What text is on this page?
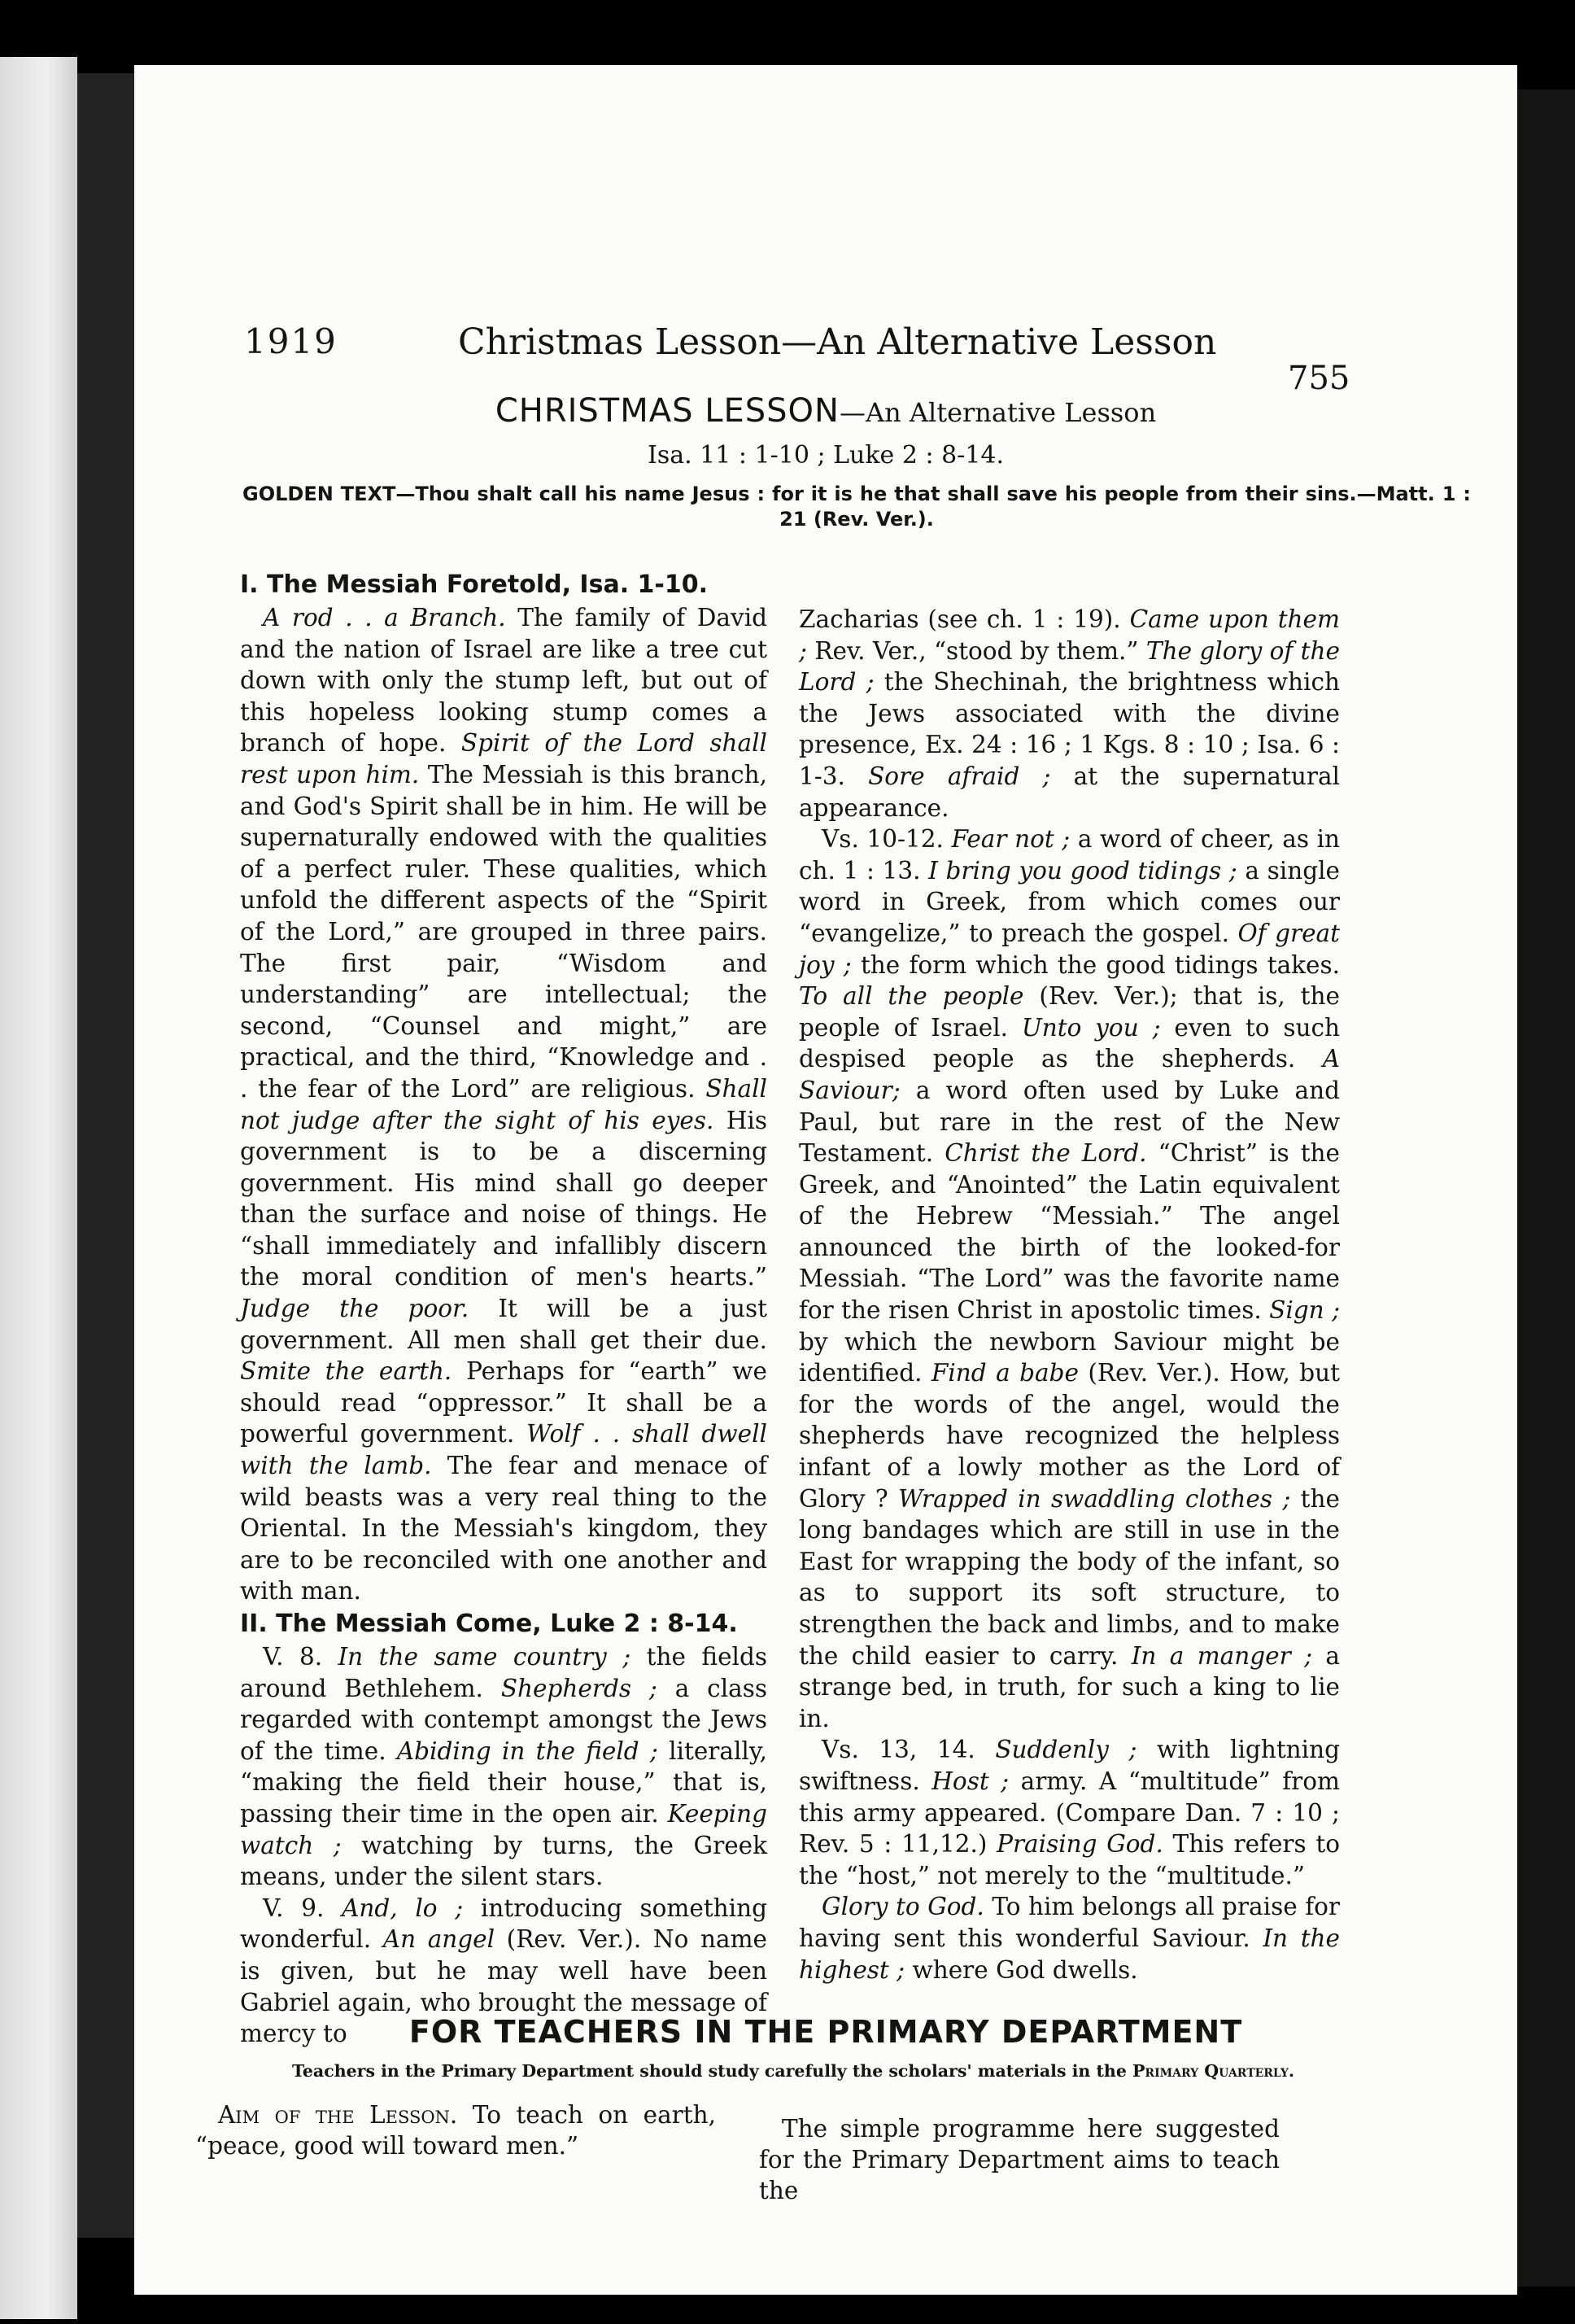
1919	Christmas Lesson—An Alternative Lesson
755
CHRISTMAS LESSON—An Alternative Lesson
Isa. 11 : 1-10 ; Luke 2 : 8-14.
GOLDEN TEXT—Thou shalt call his name Jesus : for it is he that shall save his people from their sins.—Matt. 1 : 21 (Rev. Ver.).
I. The Messiah Foretold, Isa. 1-10.

A rod . . a Branch. The family of David and the nation of Israel are like a tree cut down with only the stump left, but out of this hopeless looking stump comes a branch of hope. Spirit of the Lord shall rest upon him. The Messiah is this branch, and God's Spirit shall be in him. He will be supernaturally endowed with the qualities of a perfect ruler. These qualities, which unfold the different aspects of the “Spirit of the Lord,” are grouped in three pairs. The first pair, “Wisdom and understanding” are intellectual; the second, “Counsel and might,” are practical, and the third, “Knowledge and . . the fear of the Lord” are religious. Shall not judge after the sight of his eyes. His government is to be a discerning government. His mind shall go deeper than the surface and noise of things. He “shall immediately and infallibly discern the moral condition of men's hearts.” Judge the poor. It will be a just government. All men shall get their due. Smite the earth. Perhaps for “earth” we should read “oppressor.” It shall be a powerful government. Wolf . . shall dwell with the lamb. The fear and menace of wild beasts was a very real thing to the Oriental. In the Messiah's kingdom, they are to be reconciled with one another and with man.

II. The Messiah Come, Luke 2 : 8-14.

V. 8. In the same country ; the fields around Bethlehem. Shepherds ; a class regarded with contempt amongst the Jews of the time. Abiding in the field ; literally, “making the field their house,” that is, passing their time in the open air. Keeping watch ; watching by turns, the Greek means, under the silent stars.

V. 9. And, lo ; introducing something wonderful. An angel (Rev. Ver.). No name is given, but he may well have been Gabriel again, who brought the message of mercy to

Zacharias (see ch. 1 : 19). Came upon them ; Rev. Ver., “stood by them.” The glory of the Lord ; the Shechinah, the brightness which the Jews associated with the divine presence, Ex. 24 : 16 ; 1 Kgs. 8 : 10 ; Isa. 6 : 1-3. Sore afraid ; at the supernatural appearance.

Vs. 10-12. Fear not ; a word of cheer, as in ch. 1 : 13. I bring you good tidings ; a single word in Greek, from which comes our “evangelize,” to preach the gospel. Of great joy ; the form which the good tidings takes. To all the people (Rev. Ver.); that is, the people of Israel. Unto you ; even to such despised people as the shepherds. A Saviour; a word often used by Luke and Paul, but rare in the rest of the New Testament. Christ the Lord. “Christ” is the Greek, and “Anointed” the Latin equivalent of the Hebrew “Messiah.” The angel announced the birth of the looked-for Messiah. “The Lord” was the favorite name for the risen Christ in apostolic times. Sign ; by which the newborn Saviour might be identified. Find a babe (Rev. Ver.). How, but for the words of the angel, would the shepherds have recognized the helpless infant of a lowly mother as the Lord of Glory ? Wrapped in swaddling clothes ; the long bandages which are still in use in the East for wrapping the body of the infant, so as to support its soft structure, to strengthen the back and limbs, and to make the child easier to carry. In a manger ; a strange bed, in truth, for such a king to lie in.

Vs. 13, 14. Suddenly ; with lightning swiftness. Host ; army. A “multitude” from this army appeared. (Compare Dan. 7 : 10 ; Rev. 5 : 11,12.) Praising God. This refers to the “host,” not merely to the “multitude.”

Glory to God. To him belongs all praise for having sent this wonderful Saviour. In the highest ; where God dwells.

FOR TEACHERS IN THE PRIMARY DEPARTMENT
Teachers in the Primary Department should study carefully the scholars' materials in the Primary Quarterly.
Aim of the Lesson. To teach on earth, “peace, good will toward men.”
The simple programme here suggested for the Primary Department aims to teach the
